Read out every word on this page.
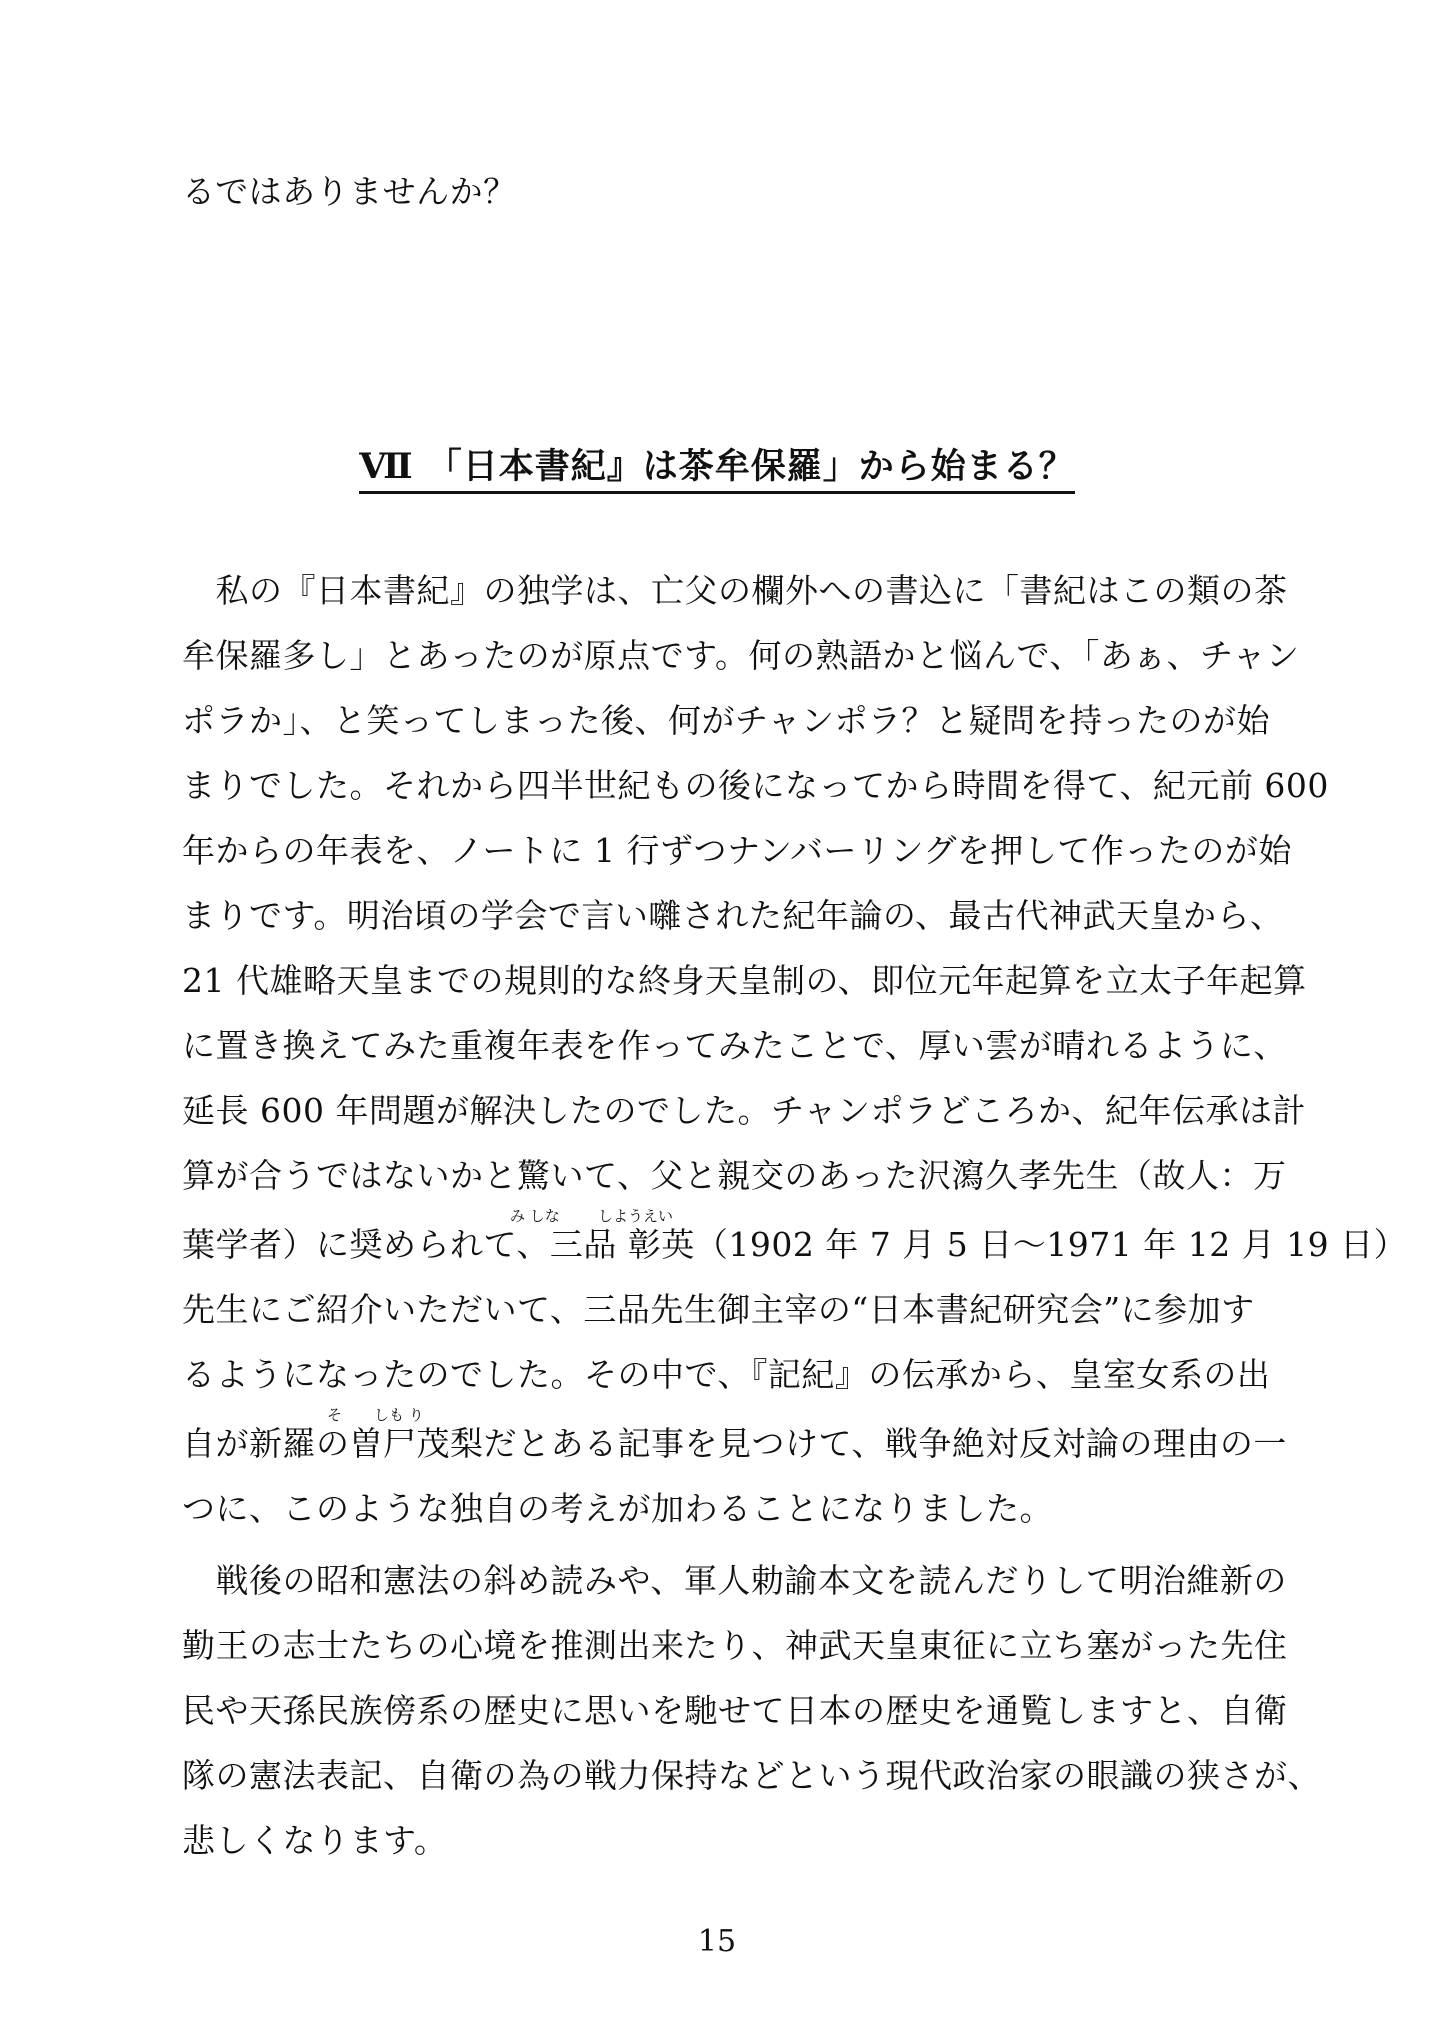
るではありませんか？
Ⅶ 「日本書紀』は茶牟保羅」から始まる？
　私の『日本書紀』の独学は、亡父の欄外への書込に「書紀はこの類の茶
牟保羅多し」とあったのが原点です。何の熟語かと悩んで、「あぁ、チャン
ポラか」、と笑ってしまった後、何がチャンポラ？と疑問を持ったのが始
まりでした。それから四半世紀もの後になってから時間を得て、紀元前 600
年からの年表を、ノートに 1 行ずつナンバーリングを押して作ったのが始
まりです。明治頃の学会で言い囃された紀年論の、最古代神武天皇から、
21 代雄略天皇までの規則的な終身天皇制の、即位元年起算を立太子年起算
に置き換えてみた重複年表を作ってみたことで、厚い雲が晴れるように、
延長 600 年問題が解決したのでした。チャンポラどころか、紀年伝承は計
算が合うではないかと驚いて、父と親交のあった沢瀉久孝先生（故人：万
み しな	しようえい
葉学者）に奨められて、三品 彰英（1902 年 7 月 5 日～1971 年 12 月 19 日）
先生にご紹介いただいて、三品先生御主宰の“日本書紀研究会”に参加す
るようになったのでした。その中で、『記紀』の伝承から、皇室女系の出
そ しも り
自が新羅の曽尸茂梨だとある記事を見つけて、戦争絶対反対論の理由の一
つに、このような独自の考えが加わることになりました。
　戦後の昭和憲法の斜め読みや、軍人勅諭本文を読んだりして明治維新の
勤王の志士たちの心境を推測出来たり、神武天皇東征に立ち塞がった先住
民や天孫民族傍系の歴史に思いを馳せて日本の歴史を通覧しますと、自衛
隊の憲法表記、自衛の為の戦力保持などという現代政治家の眼識の狭さが、
悲しくなります。
15
